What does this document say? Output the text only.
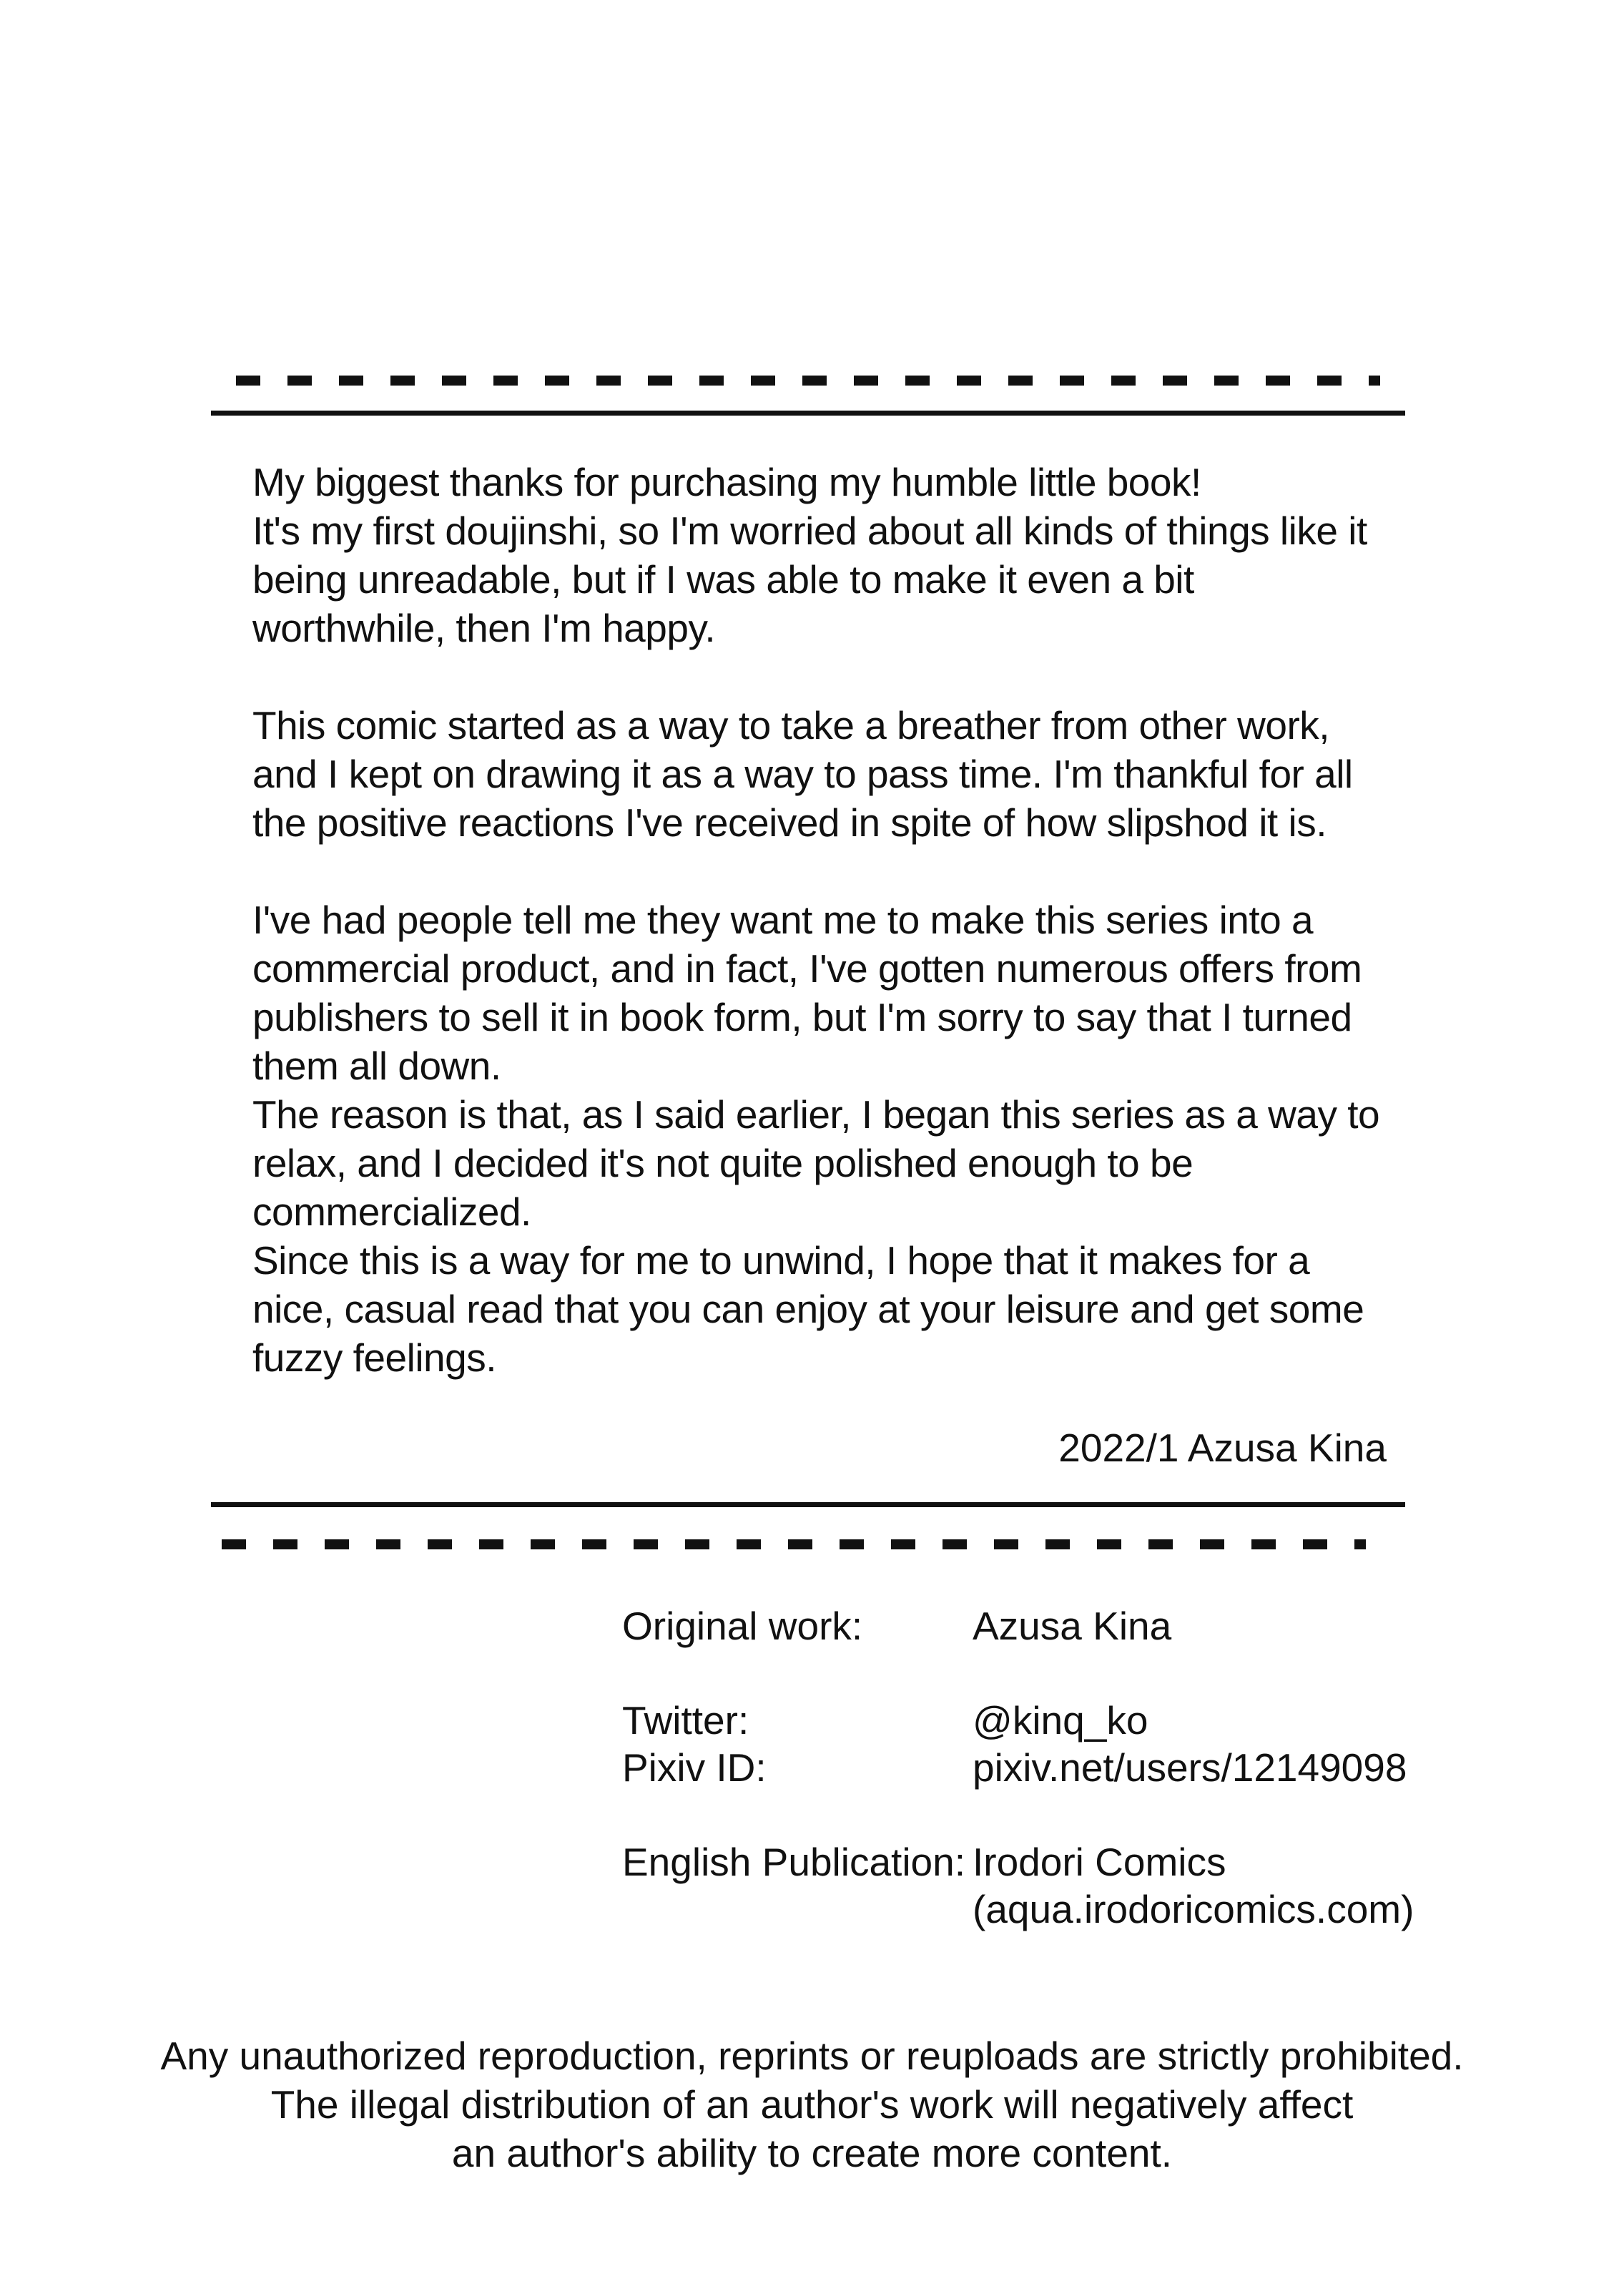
My biggest thanks for purchasing my humble little book!
It's my first doujinshi, so I'm worried about all kinds of things like it
being unreadable, but if I was able to make it even a bit
worthwhile, then I'm happy.

This comic started as a way to take a breather from other work,
and I kept on drawing it as a way to pass time. I'm thankful for all
the positive reactions I've received in spite of how slipshod it is.

I've had people tell me they want me to make this series into a
commercial product, and in fact, I've gotten numerous offers from
publishers to sell it in book form, but I'm sorry to say that I turned
them all down.

The reason is that, as I said earlier, I began this series as a way to
relax, and I decided it's not quite polished enough to be
commercialized.

Since this is a way for me to unwind, I hope that it makes for a
nice, casual read that you can enjoy at your leisure and get some
fuzzy feelings.

2022/1 Azusa Kina
Original work:	Azusa Kina
Twitter:	@kinq_ko
Pixiv ID:	pixiv.net/users/12149098
English Publication: Irodori Comics
(aqua.irodoricomics.com)
Any unauthorized reproduction, reprints or reuploads are strictly prohibited.
The illegal distribution of an author's work will negatively affect
an author's ability to create more content.
